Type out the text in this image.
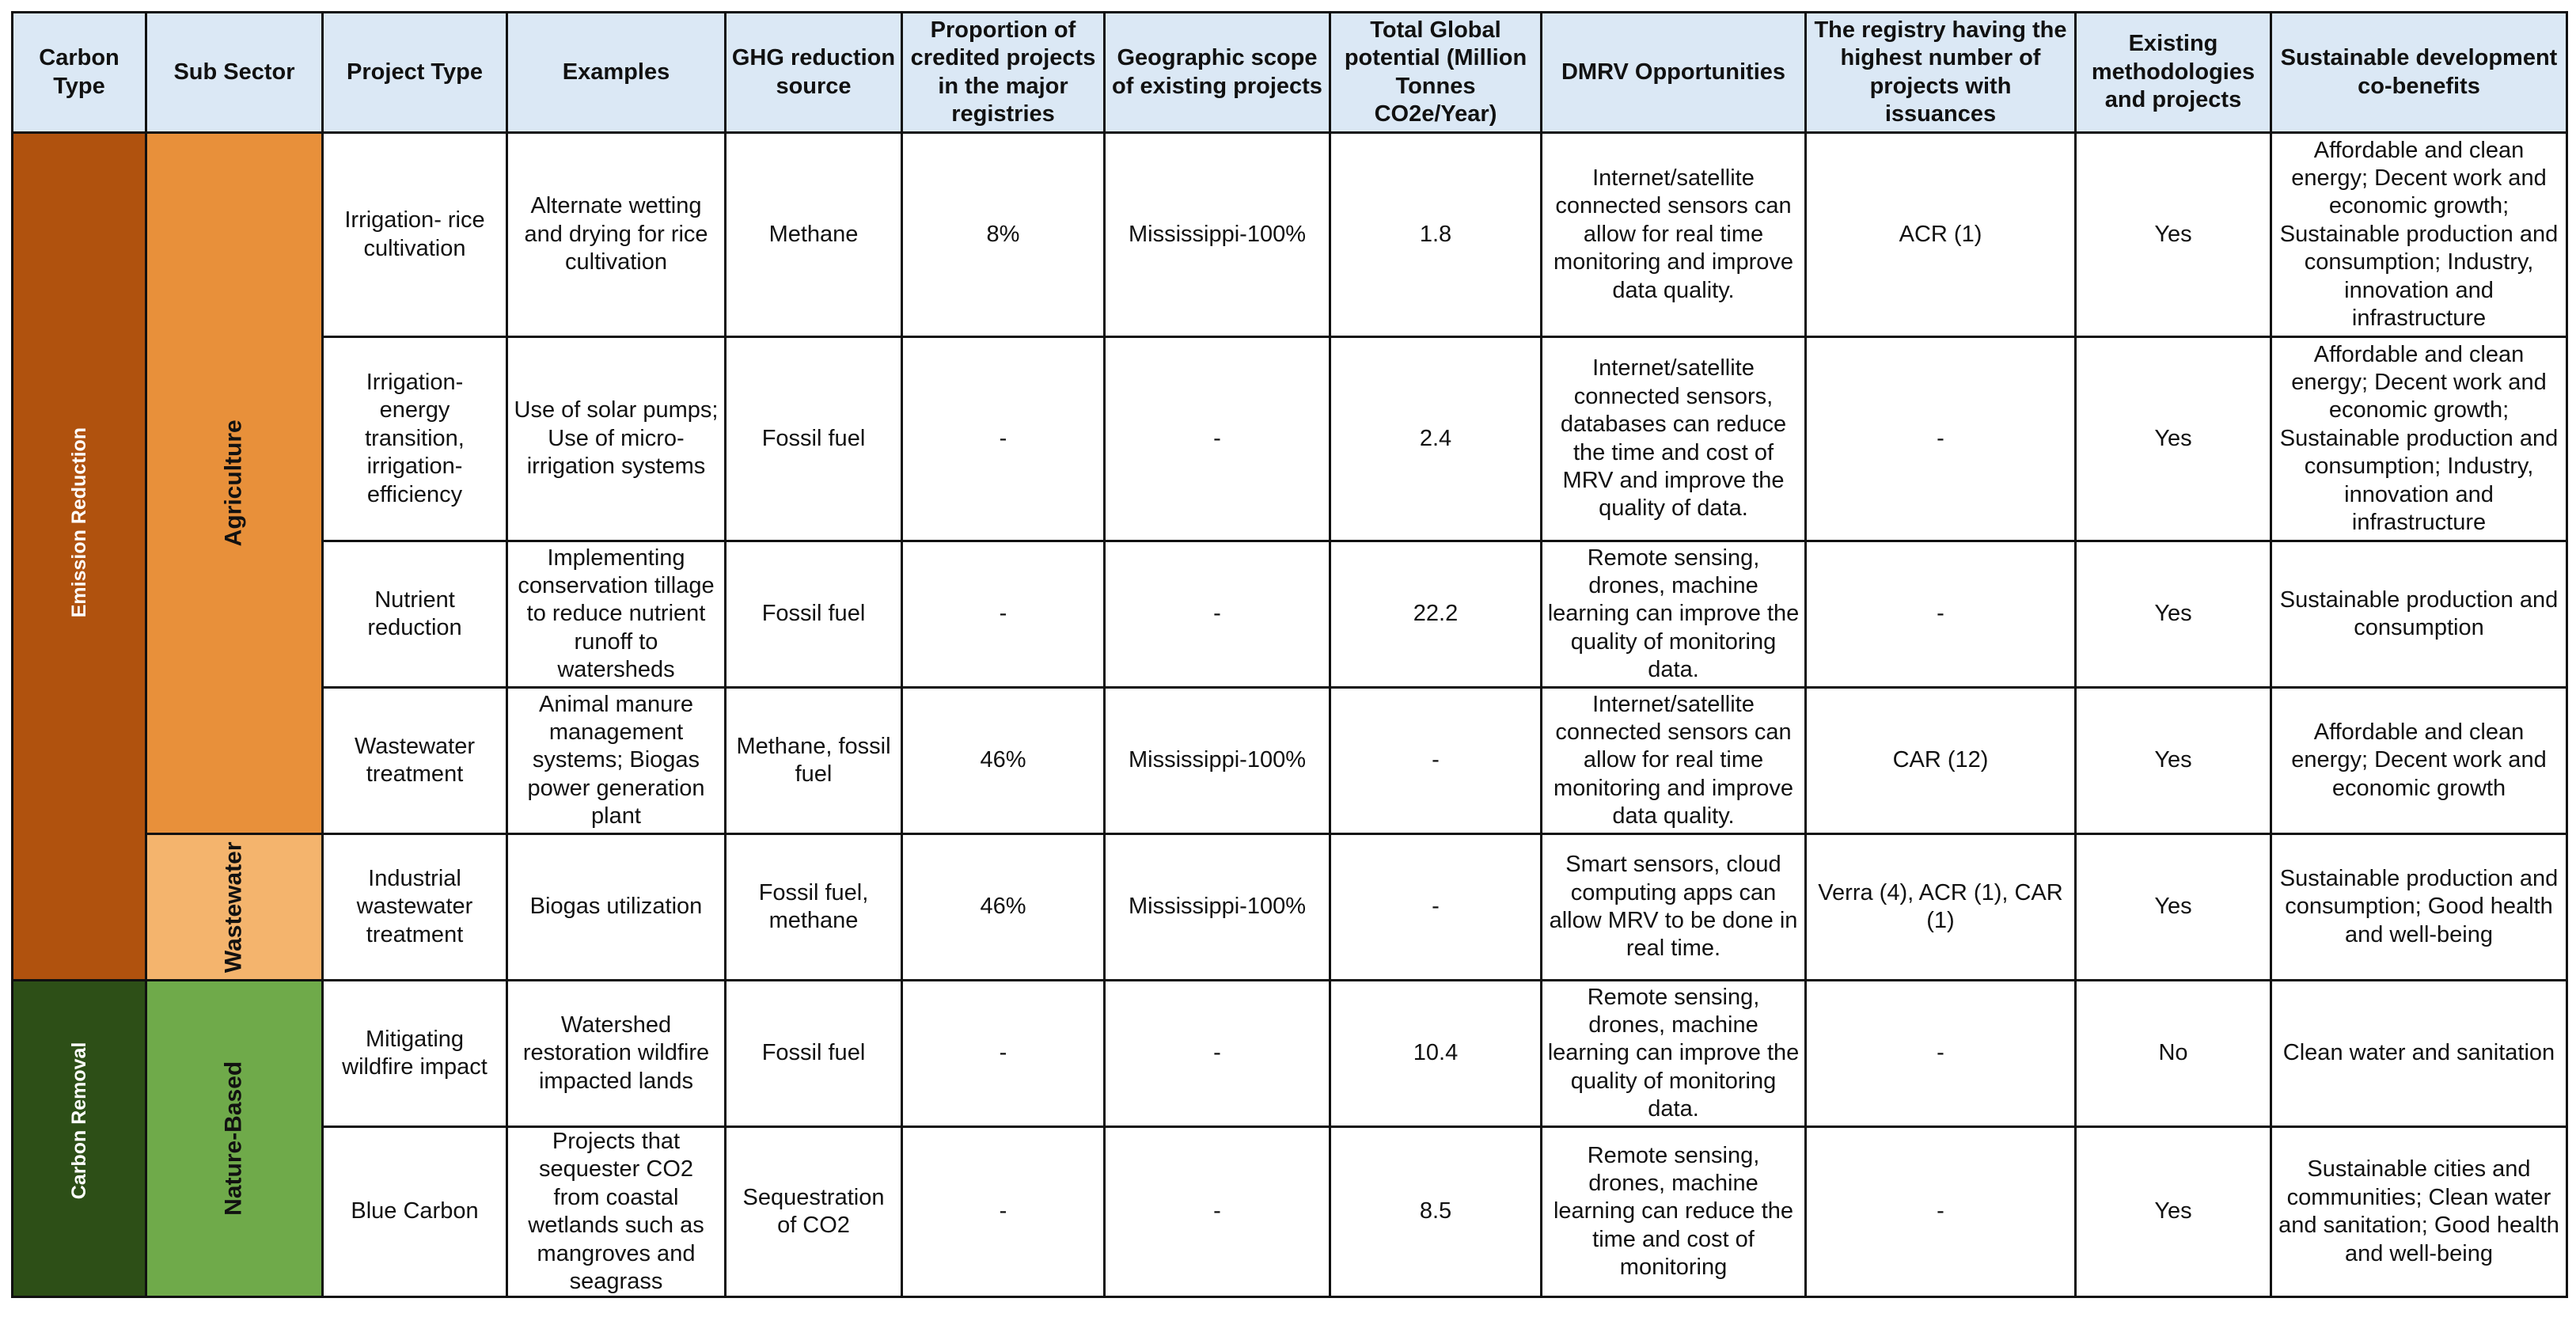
Carbon Type	Sub Sector	Project Type	Examples	GHG reduction source	Proportion of credited projects in the major registries	Geographic scope of existing projects	Total Global potential (Million Tonnes CO2e/Year)	DMRV Opportunities	The registry having the highest number of projects with issuances	Existing methodologies and projects	Sustainable development co-benefits

Emission Reduction	Agriculture	Irrigation- rice cultivation	Alternate wetting and drying for rice cultivation	Methane	8%	Mississippi-100%	1.8	Internet/satellite connected sensors can allow for real time monitoring and improve data quality.	ACR (1)	Yes	Affordable and clean energy; Decent work and economic growth; Sustainable production and consumption; Industry, innovation and infrastructure
		Irrigation- energy transition, irrigation- efficiency	Use of solar pumps; Use of micro-irrigation systems	Fossil fuel	-	-	2.4	Internet/satellite connected sensors, databases can reduce the time and cost of MRV and improve the quality of data.	-	Yes	Affordable and clean energy; Decent work and economic growth; Sustainable production and consumption; Industry, innovation and infrastructure
		Nutrient reduction	Implementing conservation tillage to reduce nutrient runoff to watersheds	Fossil fuel	-	-	22.2	Remote sensing, drones, machine learning can improve the quality of monitoring data.	-	Yes	Sustainable production and consumption
		Wastewater treatment	Animal manure management systems; Biogas power generation plant	Methane, fossil fuel	46%	Mississippi-100%	-	Internet/satellite connected sensors can allow for real time monitoring and improve data quality.	CAR (12)	Yes	Affordable and clean energy; Decent work and economic growth

	Wastewater	Industrial wastewater treatment	Biogas utilization	Fossil fuel, methane	46%	Mississippi-100%	-	Smart sensors, cloud computing apps can allow MRV to be done in real time.	Verra (4), ACR (1), CAR (1)	Yes	Sustainable production and consumption; Good health and well-being

Carbon Removal	Nature-Based	Mitigating wildfire impact	Watershed restoration wildfire impacted lands	Fossil fuel	-	-	10.4	Remote sensing, drones, machine learning can improve the quality of monitoring data.	-	No	Clean water and sanitation
		Blue Carbon	Projects that sequester CO2 from coastal wetlands such as mangroves and seagrass	Sequestration of CO2	-	-	8.5	Remote sensing, drones, machine learning can reduce the time and cost of monitoring	-	Yes	Sustainable cities and communities; Clean water and sanitation; Good health and well-being
